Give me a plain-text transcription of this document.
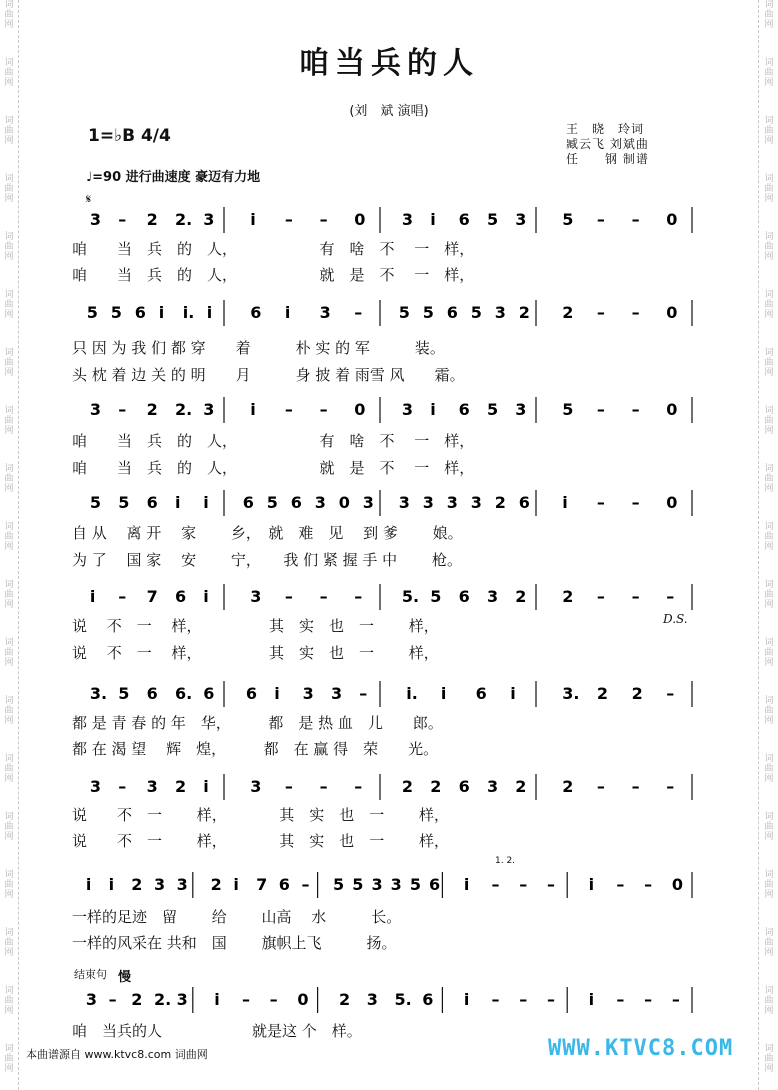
词
曲
网
词
曲
网
词
曲
网
词
曲
网
词
曲
网
词
曲
网
词
曲
网
词
曲
网
词
曲
网
词
曲
网
词
曲
网
词
曲
网
词
曲
网
词
曲
网
词
曲
网
词
曲
网
词
曲
网
词
曲
网
词
曲
网
词
曲
网
词
曲
网
词
曲
网
词
曲
网
词
曲
网
词
曲
网
词
曲
网
词
曲
网
词
曲
网
词
曲
网
词
曲
网
词
曲
网
词
曲
网
词
曲
网
词
曲
网
词
曲
网
词
曲
网
词
曲
网
词
曲
网
咱当兵的人
(刘　斌 演唱)
1=♭B 4/4	王　晓　玲词
臧云飞 刘斌曲
任　　钢 制谱
♩=90 进行曲速度 豪迈有力地
𝄋
D.S.
1. 2.
结束句 慢
3 – 2 2. 3 i – – 0 3 i 6 5 3 5 – – 0
咱　　当　兵　的　人，　　　　　　有　啥　不　 一　样，
咱　　当　兵　的　人，　　　　　　就　是　不　 一　样，
5 5 6 i i. i 6 i 3 – 5 5 6 5 3 2 2 – – 0
只 因 为 我 们 都 穿　　着　　　朴 实 的 军　　　装。
头 枕 着 边 关 的 明　　月　　　身 披 着 雨雪 风　　霜。
3 – 2 2. 3 i – – 0 3 i 6 5 3 5 – – 0
咱　　当　兵　的　人，　　　　　　有　啥　不　 一　样，
咱　　当　兵　的　人，　　　　　　就　是　不　 一　样，
5 5 6 i i 6 5 6 3 0 3 3 3 3 3 2 6 i – – 0
自 从　 离 开　 家　　 乡，　就　难　见　 到 爹　　 娘。
为 了　 国 家　 安　　 宁，　　我 们 紧 握 手 中　　 枪。
i – 7 6 i	3 – – – 5. 5 6 3 2 2 – – –
说　 不　一　 样，　　　　　其　实　也　一　　 样，
说　 不　一　 样，　　　　　其　实　也　一　　 样，
3. 5 6 6. 6 6 i 3 3 – i. i 6 i	3. 2 2 –
都 是 青 春 的 年　华，　　　都　是 热 血　儿　　郎。
都 在 渴 望　 辉　煌，　　　都　在 赢 得　荣　　光。
3 – 3 2 i	3 – – – 2 2 6 3 2 2 – – –
说　　不　一　　 样，　　　　其　实　也　一　　 样，
说　　不　一　　 样，　　　　其　实　也　一　　 样，
i i 2 3 3 2 i 7 6 – 5 5 3 3 5 6 i – – – i – – 0
一样的足迹　留　　 给　　 山高　 水　　　长。
一样的风采在 共和　国　　 旗帜上飞　　　扬。
3 – 2 2. 3 i – – 0 2 3 5. 6 i – – – i – – –
咱　当兵的人　　　　　　就是这 个　样。
本曲谱源自 www.ktvc8.com 词曲网	WWW.KTVC8.COM
